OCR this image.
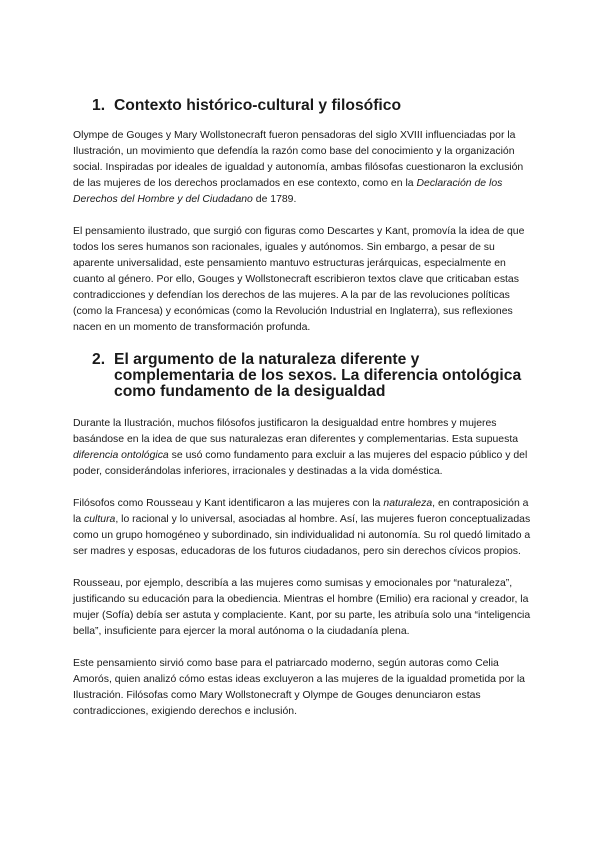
1. Contexto histórico-cultural y filosófico

Olympe de Gouges y Mary Wollstonecraft fueron pensadoras del siglo XVIII influenciadas por la Ilustración, un movimiento que defendía la razón como base del conocimiento y la organización social. Inspiradas por ideales de igualdad y autonomía, ambas filósofas cuestionaron la exclusión de las mujeres de los derechos proclamados en ese contexto, como en la Declaración de los Derechos del Hombre y del Ciudadano de 1789.

El pensamiento ilustrado, que surgió con figuras como Descartes y Kant, promovía la idea de que todos los seres humanos son racionales, iguales y autónomos. Sin embargo, a pesar de su aparente universalidad, este pensamiento mantuvo estructuras jerárquicas, especialmente en cuanto al género. Por ello, Gouges y Wollstonecraft escribieron textos clave que criticaban estas contradicciones y defendían los derechos de las mujeres. A la par de las revoluciones políticas (como la Francesa) y económicas (como la Revolución Industrial en Inglaterra), sus reflexiones nacen en un momento de transformación profunda.

2. El argumento de la naturaleza diferente y complementaria de los sexos. La diferencia ontológica como fundamento de la desigualdad

Durante la Ilustración, muchos filósofos justificaron la desigualdad entre hombres y mujeres basándose en la idea de que sus naturalezas eran diferentes y complementarias. Esta supuesta diferencia ontológica se usó como fundamento para excluir a las mujeres del espacio público y del poder, considerándolas inferiores, irracionales y destinadas a la vida doméstica.

Filósofos como Rousseau y Kant identificaron a las mujeres con la naturaleza, en contraposición a la cultura, lo racional y lo universal, asociadas al hombre. Así, las mujeres fueron conceptualizadas como un grupo homogéneo y subordinado, sin individualidad ni autonomía. Su rol quedó limitado a ser madres y esposas, educadoras de los futuros ciudadanos, pero sin derechos cívicos propios.

Rousseau, por ejemplo, describía a las mujeres como sumisas y emocionales por “naturaleza”, justificando su educación para la obediencia. Mientras el hombre (Emilio) era racional y creador, la mujer (Sofía) debía ser astuta y complaciente. Kant, por su parte, les atribuía solo una “inteligencia bella”, insuficiente para ejercer la moral autónoma o la ciudadanía plena.

Este pensamiento sirvió como base para el patriarcado moderno, según autoras como Celia Amorós, quien analizó cómo estas ideas excluyeron a las mujeres de la igualdad prometida por la Ilustración. Filósofas como Mary Wollstonecraft y Olympe de Gouges denunciaron estas contradicciones, exigiendo derechos e inclusión.
